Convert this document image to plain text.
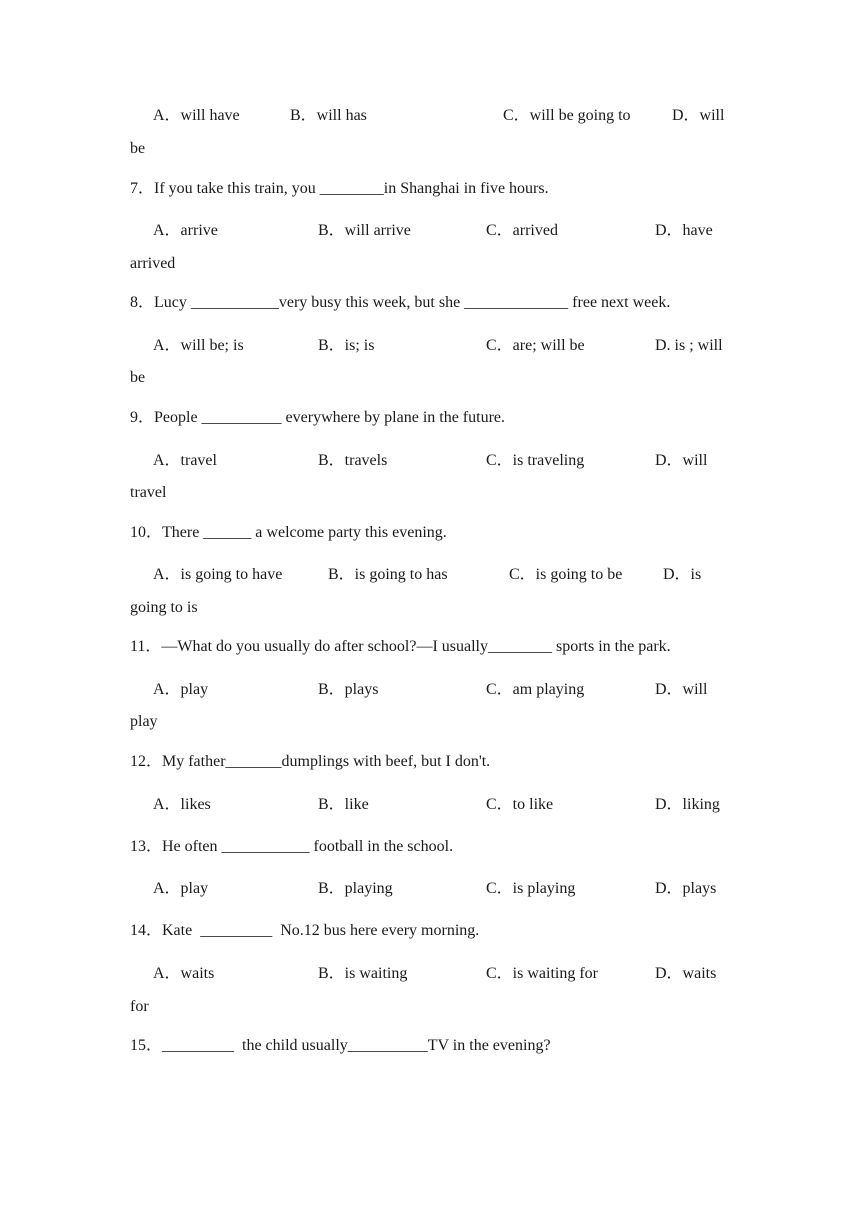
A．will have	B．will has	C．will be going to	D．will
be
7．If you take this train, you ________in Shanghai in five hours.
A．arrive	B．will arrive	C．arrived	D．have
arrived
8．Lucy ___________very busy this week, but she _____________ free next week.
A．will be; is	B．is; is	C．are; will be	D. is ; will
be
9．People __________ everywhere by plane in the future.
A．travel	B．travels	C．is traveling	D．will
travel
10．There ______ a welcome party this evening.
A．is going to have	B．is going to has	C．is going to be	D．is
going to is
11．—What do you usually do after school?—I usually________ sports in the park.
A．play	B．plays	C．am playing	D．will
play
12．My father_______dumplings with beef, but I don't.
A．likes	B．like	C．to like	D．liking
13．He often ___________ football in the school.
A．play	B．playing	C．is playing	D．plays
14．Kate  _________  No.12 bus here every morning.
A．waits	B．is waiting	C．is waiting for	D．waits
for
15．_________  the child usually__________TV in the evening?
